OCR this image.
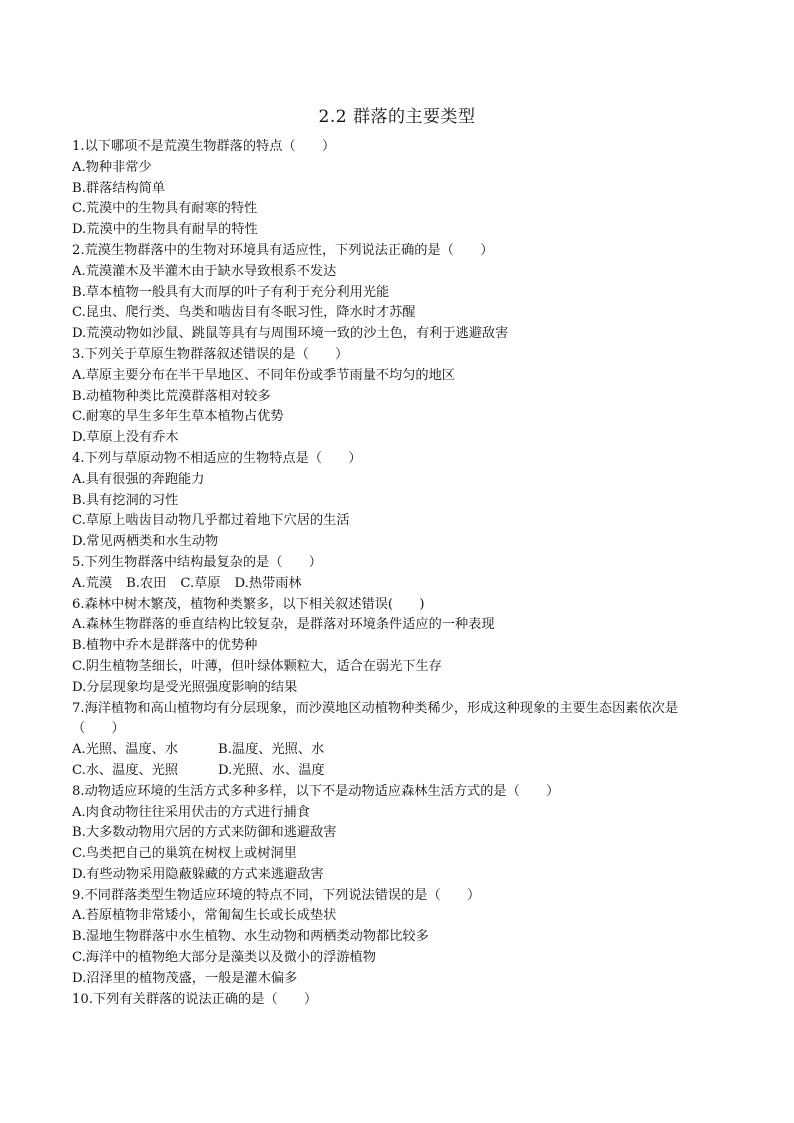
2.2 群落的主要类型
1.以下哪项不是荒漠生物群落的特点（　　）
A.物种非常少
B.群落结构简单
C.荒漠中的生物具有耐寒的特性
D.荒漠中的生物具有耐旱的特性
2.荒漠生物群落中的生物对环境具有适应性，下列说法正确的是（　　）
A.荒漠灌木及半灌木由于缺水导致根系不发达
B.草本植物一般具有大而厚的叶子有利于充分利用光能
C.昆虫、爬行类、鸟类和啮齿目有冬眠习性，降水时才苏醒
D.荒漠动物如沙鼠、跳鼠等具有与周围环境一致的沙土色，有利于逃避敌害
3.下列关于草原生物群落叙述错误的是（　　）
A.草原主要分布在半干旱地区、不同年份或季节雨量不均匀的地区
B.动植物种类比荒漠群落相对较多
C.耐寒的旱生多年生草本植物占优势
D.草原上没有乔木
4.下列与草原动物不相适应的生物特点是（　　）
A.具有很强的奔跑能力
B.具有挖洞的习性
C.草原上啮齿目动物几乎都过着地下穴居的生活
D.常见两栖类和水生动物
5.下列生物群落中结构最复杂的是（　　）
A.荒漠 B.农田 C.草原 D.热带雨林
6.森林中树木繁茂，植物种类繁多，以下相关叙述错误(　　)
A.森林生物群落的垂直结构比较复杂，是群落对环境条件适应的一种表现
B.植物中乔木是群落中的优势种
C.阴生植物茎细长，叶薄，但叶绿体颗粒大，适合在弱光下生存
D.分层现象均是受光照强度影响的结果
7.海洋植物和高山植物均有分层现象，而沙漠地区动植物种类稀少，形成这种现象的主要生态因素依次是
（　　）
A.光照、温度、水	B.温度、光照、水
C.水、温度、光照	D.光照、水、温度
8.动物适应环境的生活方式多种多样，以下不是动物适应森林生活方式的是（　　）
A.肉食动物往往采用伏击的方式进行捕食
B.大多数动物用穴居的方式来防御和逃避敌害
C.鸟类把自己的巢筑在树杈上或树洞里
D.有些动物采用隐蔽躲藏的方式来逃避敌害
9.不同群落类型生物适应环境的特点不同，下列说法错误的是（　　）
A.苔原植物非常矮小，常匍匐生长或长成垫状
B.湿地生物群落中水生植物、水生动物和两栖类动物都比较多
C.海洋中的植物绝大部分是藻类以及微小的浮游植物
D.沼泽里的植物茂盛，一般是灌木偏多
10.下列有关群落的说法正确的是（　　）
